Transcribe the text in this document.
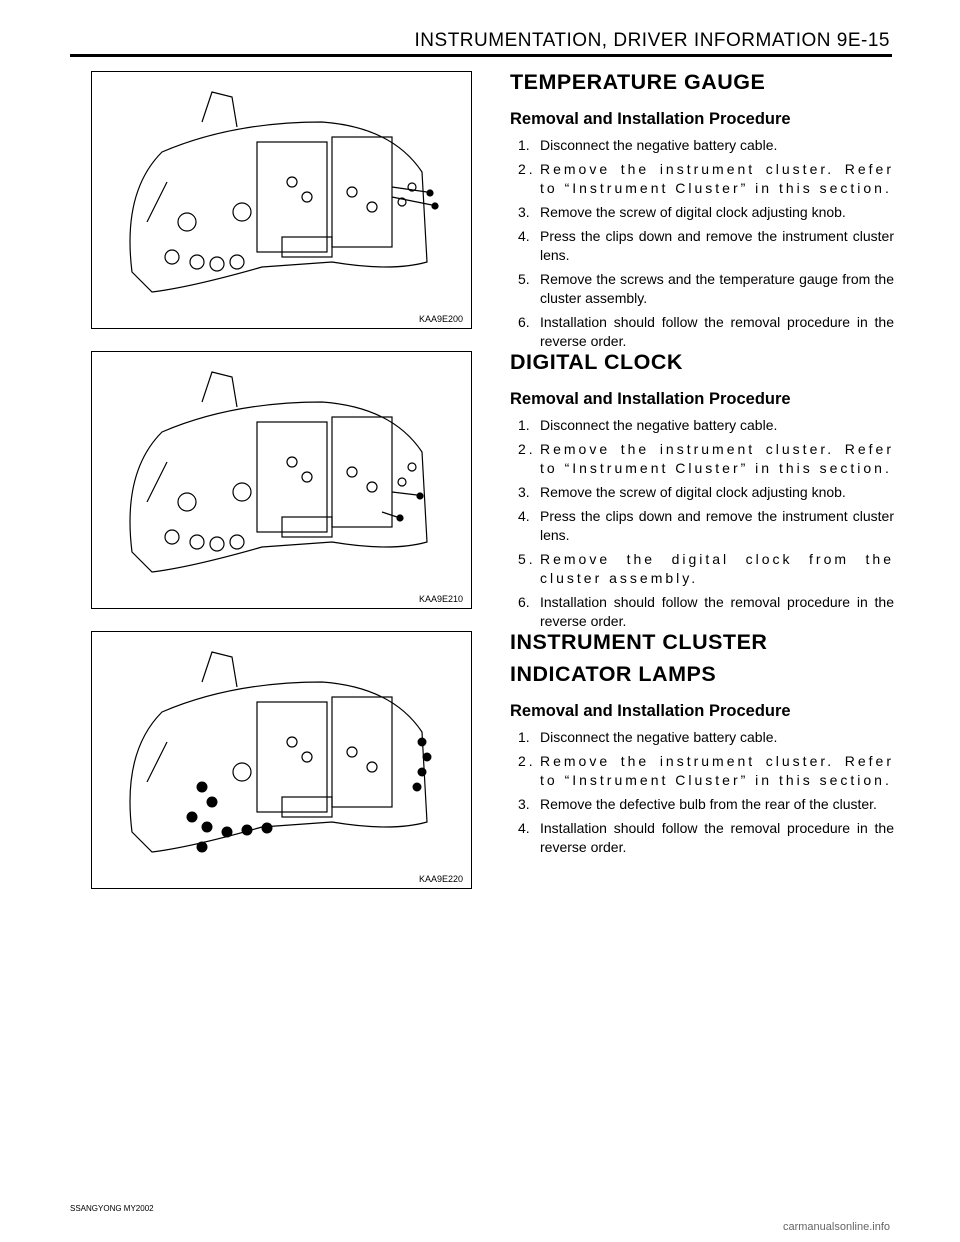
INSTRUMENTATION, DRIVER INFORMATION 9E-15
KAA9E200
KAA9E210
KAA9E220
TEMPERATURE GAUGE
Removal and Installation Procedure
1. Disconnect the negative battery cable.
2. Remove the instrument cluster. Refer to “Instrument Cluster” in this section.
3. Remove the screw of digital clock adjusting knob.
4. Press the clips down and remove the instrument cluster lens.
5. Remove the screws and the temperature gauge from the cluster assembly.
6. Installation should follow the removal procedure in the reverse order.
DIGITAL CLOCK
Removal and Installation Procedure
1. Disconnect the negative battery cable.
2. Remove the instrument cluster. Refer to “Instrument Cluster” in this section.
3. Remove the screw of digital clock adjusting knob.
4. Press the clips down and remove the instrument cluster lens.
5. Remove the digital clock from the cluster assembly.
6. Installation should follow the removal procedure in the reverse order.
INSTRUMENT CLUSTER
INDICATOR LAMPS
Removal and Installation Procedure
1. Disconnect the negative battery cable.
2. Remove the instrument cluster. Refer to “Instrument Cluster” in this section.
3. Remove the defective bulb from the rear of the cluster.
4. Installation should follow the removal procedure in the reverse order.
SSANGYONG MY2002
carmanualsonline.info
